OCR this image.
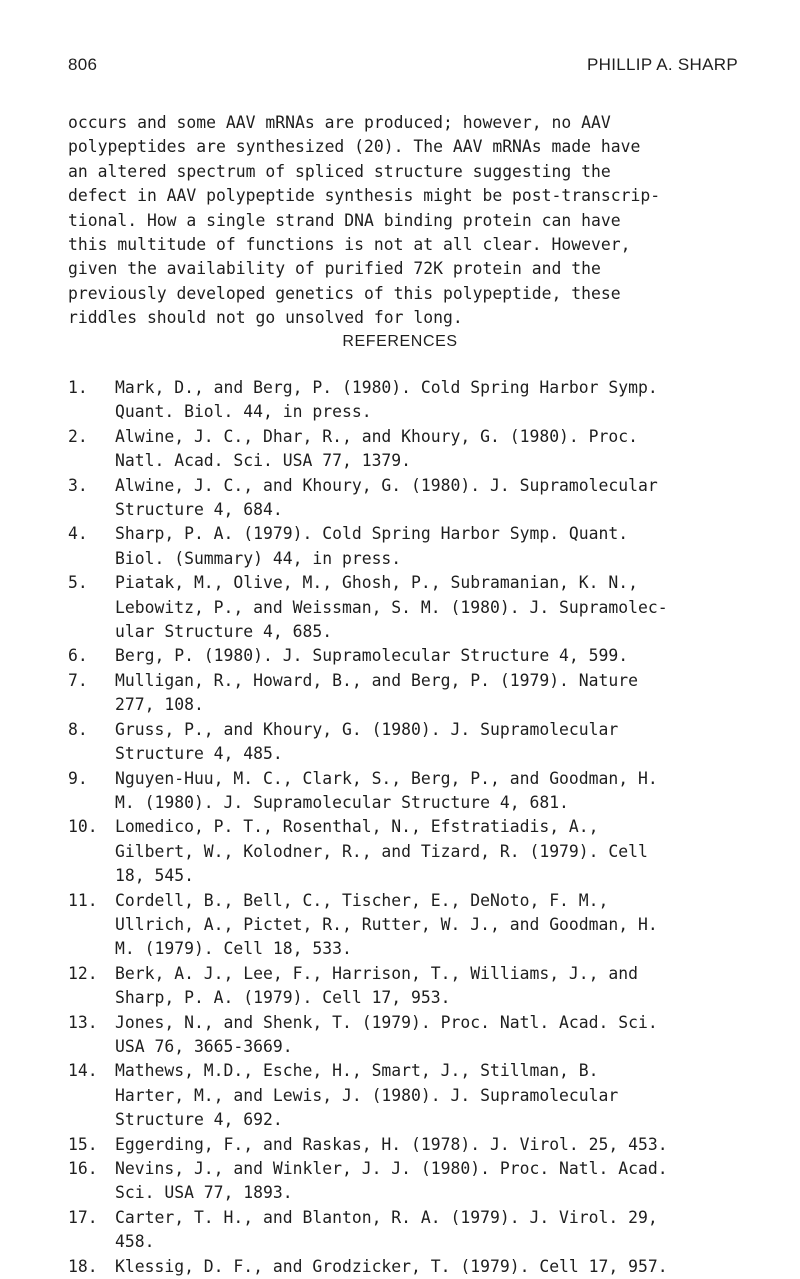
806	PHILLIP A. SHARP
occurs and some AAV mRNAs are produced; however, no AAV
polypeptides are synthesized (20). The AAV mRNAs made have
an altered spectrum of spliced structure suggesting the
defect in AAV polypeptide synthesis might be post-transcrip-
tional. How a single strand DNA binding protein can have
this multitude of functions is not at all clear. However,
given the availability of purified 72K protein and the
previously developed genetics of this polypeptide, these
riddles should not go unsolved for long.
REFERENCES
1.	Mark, D., and Berg, P. (1980). Cold Spring Harbor Symp.
Quant. Biol. 44, in press.
2.	Alwine, J. C., Dhar, R., and Khoury, G. (1980). Proc.
Natl. Acad. Sci. USA 77, 1379.
3.	Alwine, J. C., and Khoury, G. (1980). J. Supramolecular
Structure 4, 684.
4.	Sharp, P. A. (1979). Cold Spring Harbor Symp. Quant.
Biol. (Summary) 44, in press.
5.	Piatak, M., Olive, M., Ghosh, P., Subramanian, K. N.,
Lebowitz, P., and Weissman, S. M. (1980). J. Supramolec-
ular Structure 4, 685.
6.	Berg, P. (1980). J. Supramolecular Structure 4, 599.
7.	Mulligan, R., Howard, B., and Berg, P. (1979). Nature
277, 108.
8.	Gruss, P., and Khoury, G. (1980). J. Supramolecular
Structure 4, 485.
9.	Nguyen-Huu, M. C., Clark, S., Berg, P., and Goodman, H.
M. (1980). J. Supramolecular Structure 4, 681.
10.	Lomedico, P. T., Rosenthal, N., Efstratiadis, A.,
Gilbert, W., Kolodner, R., and Tizard, R. (1979). Cell
18, 545.
11.	Cordell, B., Bell, C., Tischer, E., DeNoto, F. M.,
Ullrich, A., Pictet, R., Rutter, W. J., and Goodman, H.
M. (1979). Cell 18, 533.
12.	Berk, A. J., Lee, F., Harrison, T., Williams, J., and
Sharp, P. A. (1979). Cell 17, 953.
13.	Jones, N., and Shenk, T. (1979). Proc. Natl. Acad. Sci.
USA 76, 3665-3669.
14.	Mathews, M.D., Esche, H., Smart, J., Stillman, B.
Harter, M., and Lewis, J. (1980). J. Supramolecular
Structure 4, 692.
15.	Eggerding, F., and Raskas, H. (1978). J. Virol. 25, 453.
16.	Nevins, J., and Winkler, J. J. (1980). Proc. Natl. Acad.
Sci. USA 77, 1893.
17.	Carter, T. H., and Blanton, R. A. (1979). J. Virol. 29,
458.
18.	Klessig, D. F., and Grodzicker, T. (1979). Cell 17, 957.
